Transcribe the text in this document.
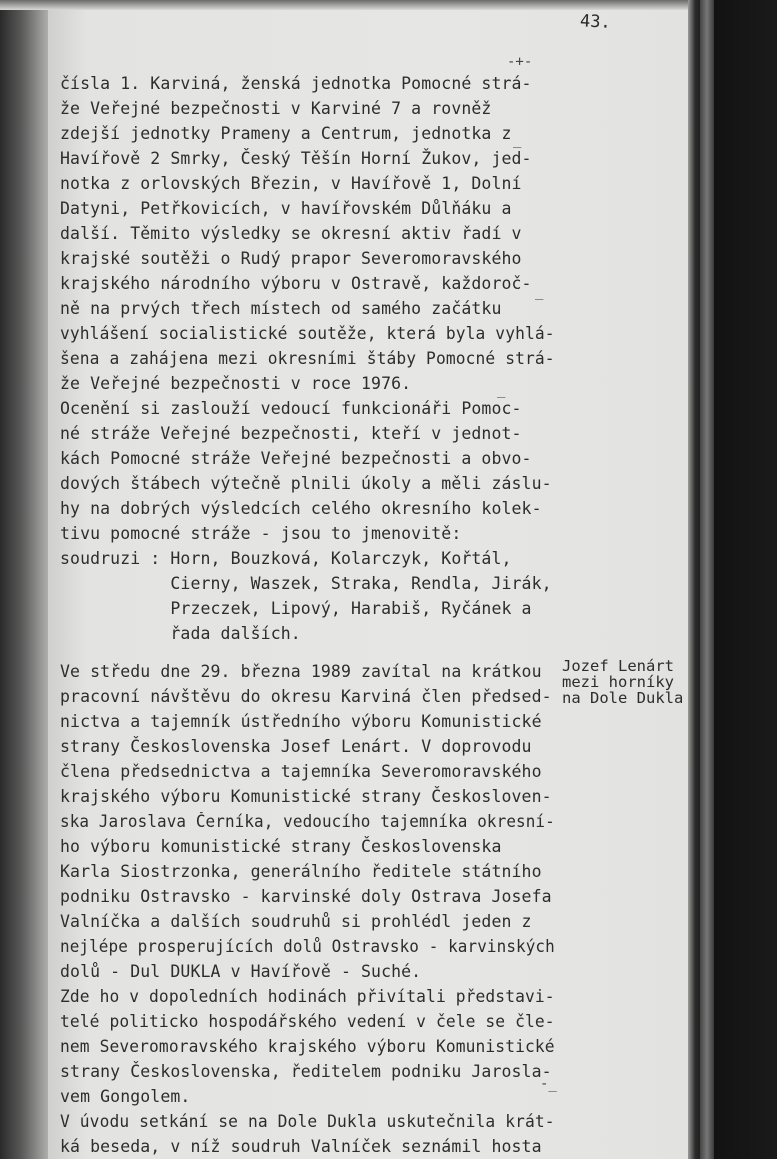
43.
čísla 1. Karviná, ženská jednotka Pomocné strá-
že Veřejné bezpečnosti v Karviné 7 a rovněž
zdejší jednotky Prameny a Centrum, jednotka z
Havířově 2 Smrky, Český Těšín Horní Žukov, jed-
notka z orlovských Březin, v Havířově 1, Dolní
Datyni, Petřkovicích, v havířovském Důlňáku a
další. Těmito výsledky se okresní aktiv řadí v
krajské soutěži o Rudý prapor Severomoravského
krajského národního výboru v Ostravě, každoroč-
ně na prvých třech místech od samého začátku
vyhlášení socialistické soutěže, která byla vyhlá-
šena a zahájena mezi okresními štáby Pomocné strá-
že Veřejné bezpečnosti v roce 1976.
Ocenění si zaslouží vedoucí funkcionáři Pomoc-
né stráže Veřejné bezpečnosti, kteří v jednot-
kách Pomocné stráže Veřejné bezpečnosti a obvo-
dových štábech výtečně plnili úkoly a měli záslu-
hy na dobrých výsledcích celého okresního kolek-
tivu pomocné stráže - jsou to jmenovitě:
soudruzi : Horn, Bouzková, Kolarczyk, Kořtál,
Cierny, Waszek, Straka, Rendla, Jirák,
Przeczek, Lipový, Harabiš, Ryčánek a
řada dalších.
Ve středu dne 29. března 1989 zavítal na krátkou
pracovní návštěvu do okresu Karviná člen předsed-
nictva a tajemník ústředního výboru Komunistické
strany Československa Josef Lenárt. V doprovodu
člena předsednictva a tajemníka Severomoravského
krajského výboru Komunistické strany Českosloven-
ska Jaroslava Černíka, vedoucího tajemníka okresní-
ho výboru komunistické strany Československa
Karla Siostrzonka, generálního ředitele státního
podniku Ostravsko - karvinské doly Ostrava Josefa
Valníčka a dalších soudruhů si prohlédl jeden z
nejlépe prosperujících dolů Ostravsko - karvinských
dolů - Dul DUKLA v Havířově - Suché.
Zde ho v dopoledních hodinách přivítali představi-
telé politicko hospodářského vedení v čele se čle-
nem Severomoravského krajského výboru Komunistické
strany Československa, ředitelem podniku Jarosla-
vem Gongolem.
V úvodu setkání se na Dole Dukla uskutečnila krát-
ká beseda, v níž soudruh Valníček seznámil hosta
Jozef Lenárt
mezi horníky
na Dole Dukla
-+-
_
_
_
-_
